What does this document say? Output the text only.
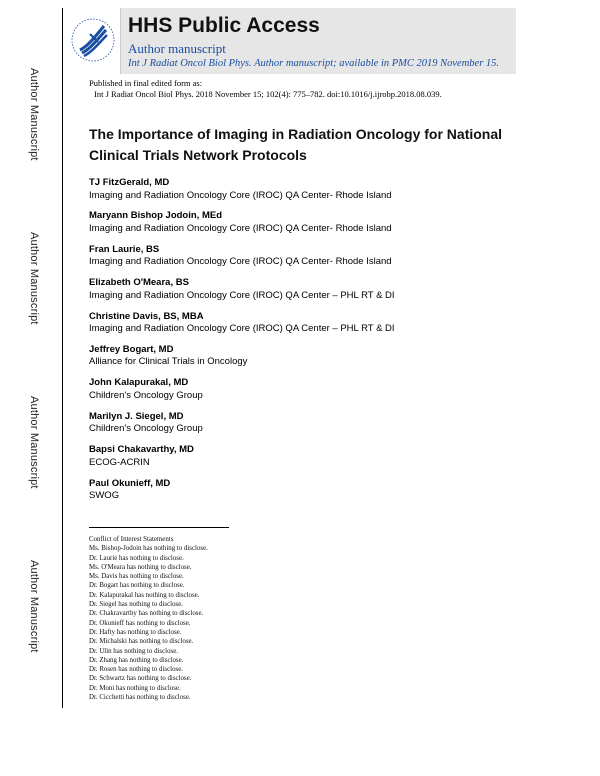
Author Manuscript
Author Manuscript
Author Manuscript
Author Manuscript
HHS Public Access
Author manuscript
Int J Radiat Oncol Biol Phys. Author manuscript; available in PMC 2019 November 15.
Published in final edited form as:
Int J Radiat Oncol Biol Phys. 2018 November 15; 102(4): 775–782. doi:10.1016/j.ijrobp.2018.08.039.
The Importance of Imaging in Radiation Oncology for National Clinical Trials Network Protocols
TJ FitzGerald, MD
Imaging and Radiation Oncology Core (IROC) QA Center- Rhode Island
Maryann Bishop Jodoin, MEd
Imaging and Radiation Oncology Core (IROC) QA Center- Rhode Island
Fran Laurie, BS
Imaging and Radiation Oncology Core (IROC) QA Center- Rhode Island
Elizabeth O'Meara, BS
Imaging and Radiation Oncology Core (IROC) QA Center – PHL RT & DI
Christine Davis, BS, MBA
Imaging and Radiation Oncology Core (IROC) QA Center – PHL RT & DI
Jeffrey Bogart, MD
Alliance for Clinical Trials in Oncology
John Kalapurakal, MD
Children's Oncology Group
Marilyn J. Siegel, MD
Children's Oncology Group
Bapsi Chakavarthy, MD
ECOG-ACRIN
Paul Okunieff, MD
SWOG
Conflict of Interest Statements
Ms. Bishop-Jodoin has nothing to disclose.
Dr. Laurie has nothing to disclose.
Ms. O'Meara has nothing to disclose.
Ms. Davis has nothing to disclose.
Dr. Bogart has nothing to disclose.
Dr. Kalapurakal has nothing to disclose.
Dr. Siegel has nothing to disclose.
Dr. Chakravarthy has nothing to disclose.
Dr. Okunieff has nothing to disclose.
Dr. Hafty has nothing to disclose.
Dr. Michalski has nothing to disclose.
Dr. Ulin has nothing to disclose.
Dr. Zhang has nothing to disclose.
Dr. Rosen has nothing to disclose.
Dr. Schwartz has nothing to disclose.
Dr. Moni has nothing to disclose.
Dr. Cicchetti has nothing to disclose.
